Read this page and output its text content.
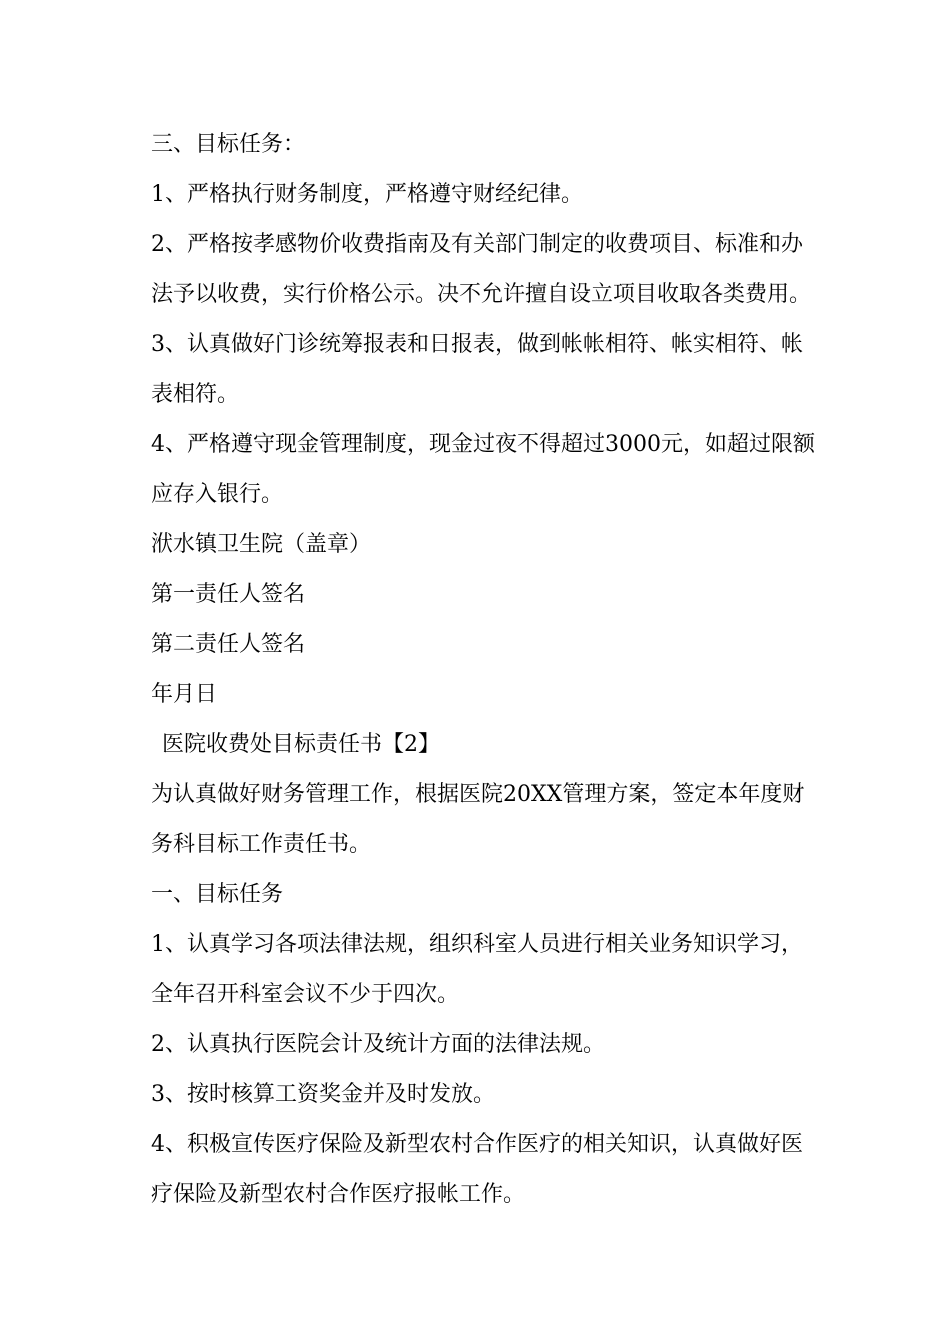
三、目标任务：

1、严格执行财务制度，严格遵守财经纪律。

2、严格按孝感物价收费指南及有关部门制定的收费项目、标准和办法予以收费，实行价格公示。决不允许擅自设立项目收取各类费用。

3、认真做好门诊统筹报表和日报表，做到帐帐相符、帐实相符、帐表相符。

4、严格遵守现金管理制度，现金过夜不得超过3000元，如超过限额应存入银行。

洑水镇卫生院（盖章）

第一责任人签名

第二责任人签名

年月日

医院收费处目标责任书【2】

为认真做好财务管理工作，根据医院20XX管理方案，签定本年度财务科目标工作责任书。

一、目标任务

1、认真学习各项法律法规，组织科室人员进行相关业务知识学习，全年召开科室会议不少于四次。

2、认真执行医院会计及统计方面的法律法规。

3、按时核算工资奖金并及时发放。

4、积极宣传医疗保险及新型农村合作医疗的相关知识，认真做好医疗保险及新型农村合作医疗报帐工作。
